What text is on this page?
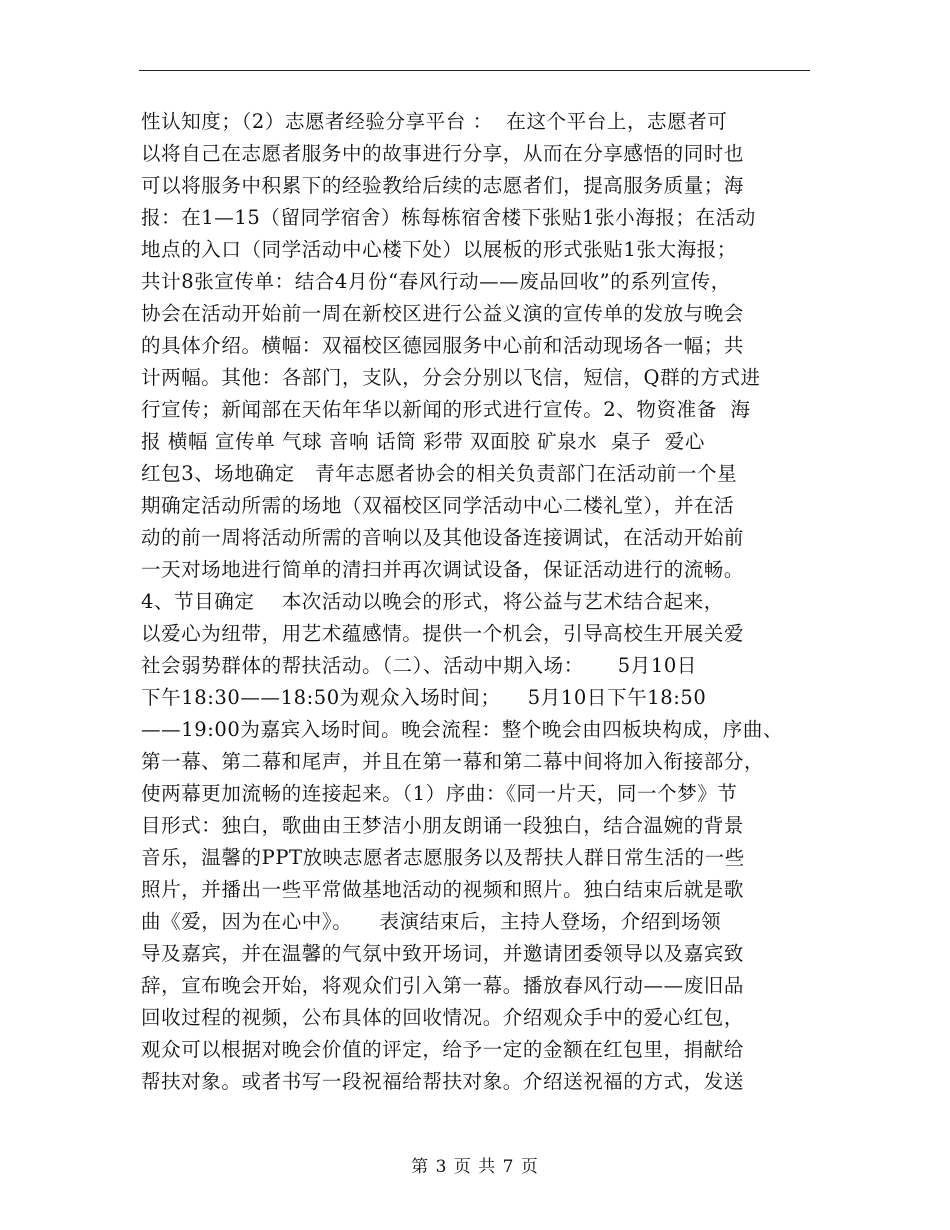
性认知度；（2）志愿者经验分享平台 ：  在这个平台上，志愿者可
以将自己在志愿者服务中的故事进行分享，从而在分享感悟的同时也
可以将服务中积累下的经验教给后续的志愿者们，提高服务质量；海
报：在1—15（留同学宿舍）栋每栋宿舍楼下张贴1张小海报；在活动
地点的入口（同学活动中心楼下处）以展板的形式张贴1张大海报；
共计8张宣传单：结合4月份“春风行动——废品回收”的系列宣传，
协会在活动开始前一周在新校区进行公益义演的宣传单的发放与晚会
的具体介绍。横幅：双福校区德园服务中心前和活动现场各一幅；共
计两幅。其他：各部门，支队，分会分别以飞信，短信，Q群的方式进
行宣传；新闻部在天佑年华以新闻的形式进行宣传。2、物资准备  海
报 横幅 宣传单 气球 音响 话筒 彩带 双面胶 矿泉水  桌子  爱心
红包3、场地确定   青年志愿者协会的相关负责部门在活动前一个星
期确定活动所需的场地（双福校区同学活动中心二楼礼堂），并在活
动的前一周将活动所需的音响以及其他设备连接调试，在活动开始前
一天对场地进行简单的清扫并再次调试设备，保证活动进行的流畅。
4、节目确定    本次活动以晚会的形式，将公益与艺术结合起来，
以爱心为纽带，用艺术蕴感情。提供一个机会，引导高校生开展关爱
社会弱势群体的帮扶活动。（二）、活动中期入场：     5月10日
下午18:30——18:50为观众入场时间；    5月10日下午18:50
——19:00为嘉宾入场时间。晚会流程：整个晚会由四板块构成，序曲、
第一幕、第二幕和尾声，并且在第一幕和第二幕中间将加入衔接部分，
使两幕更加流畅的连接起来。（1）序曲：《同一片天，同一个梦》节
目形式：独白，歌曲由王梦洁小朋友朗诵一段独白，结合温婉的背景
音乐，温馨的PPT放映志愿者志愿服务以及帮扶人群日常生活的一些
照片，并播出一些平常做基地活动的视频和照片。独白结束后就是歌
曲《爱，因为在心中》。    表演结束后，主持人登场，介绍到场领
导及嘉宾，并在温馨的气氛中致开场词，并邀请团委领导以及嘉宾致
辞，宣布晚会开始，将观众们引入第一幕。播放春风行动——废旧品
回收过程的视频，公布具体的回收情况。介绍观众手中的爱心红包，
观众可以根据对晚会价值的评定，给予一定的金额在红包里，捐献给
帮扶对象。或者书写一段祝福给帮扶对象。介绍送祝福的方式，发送
第 3 页 共 7 页
